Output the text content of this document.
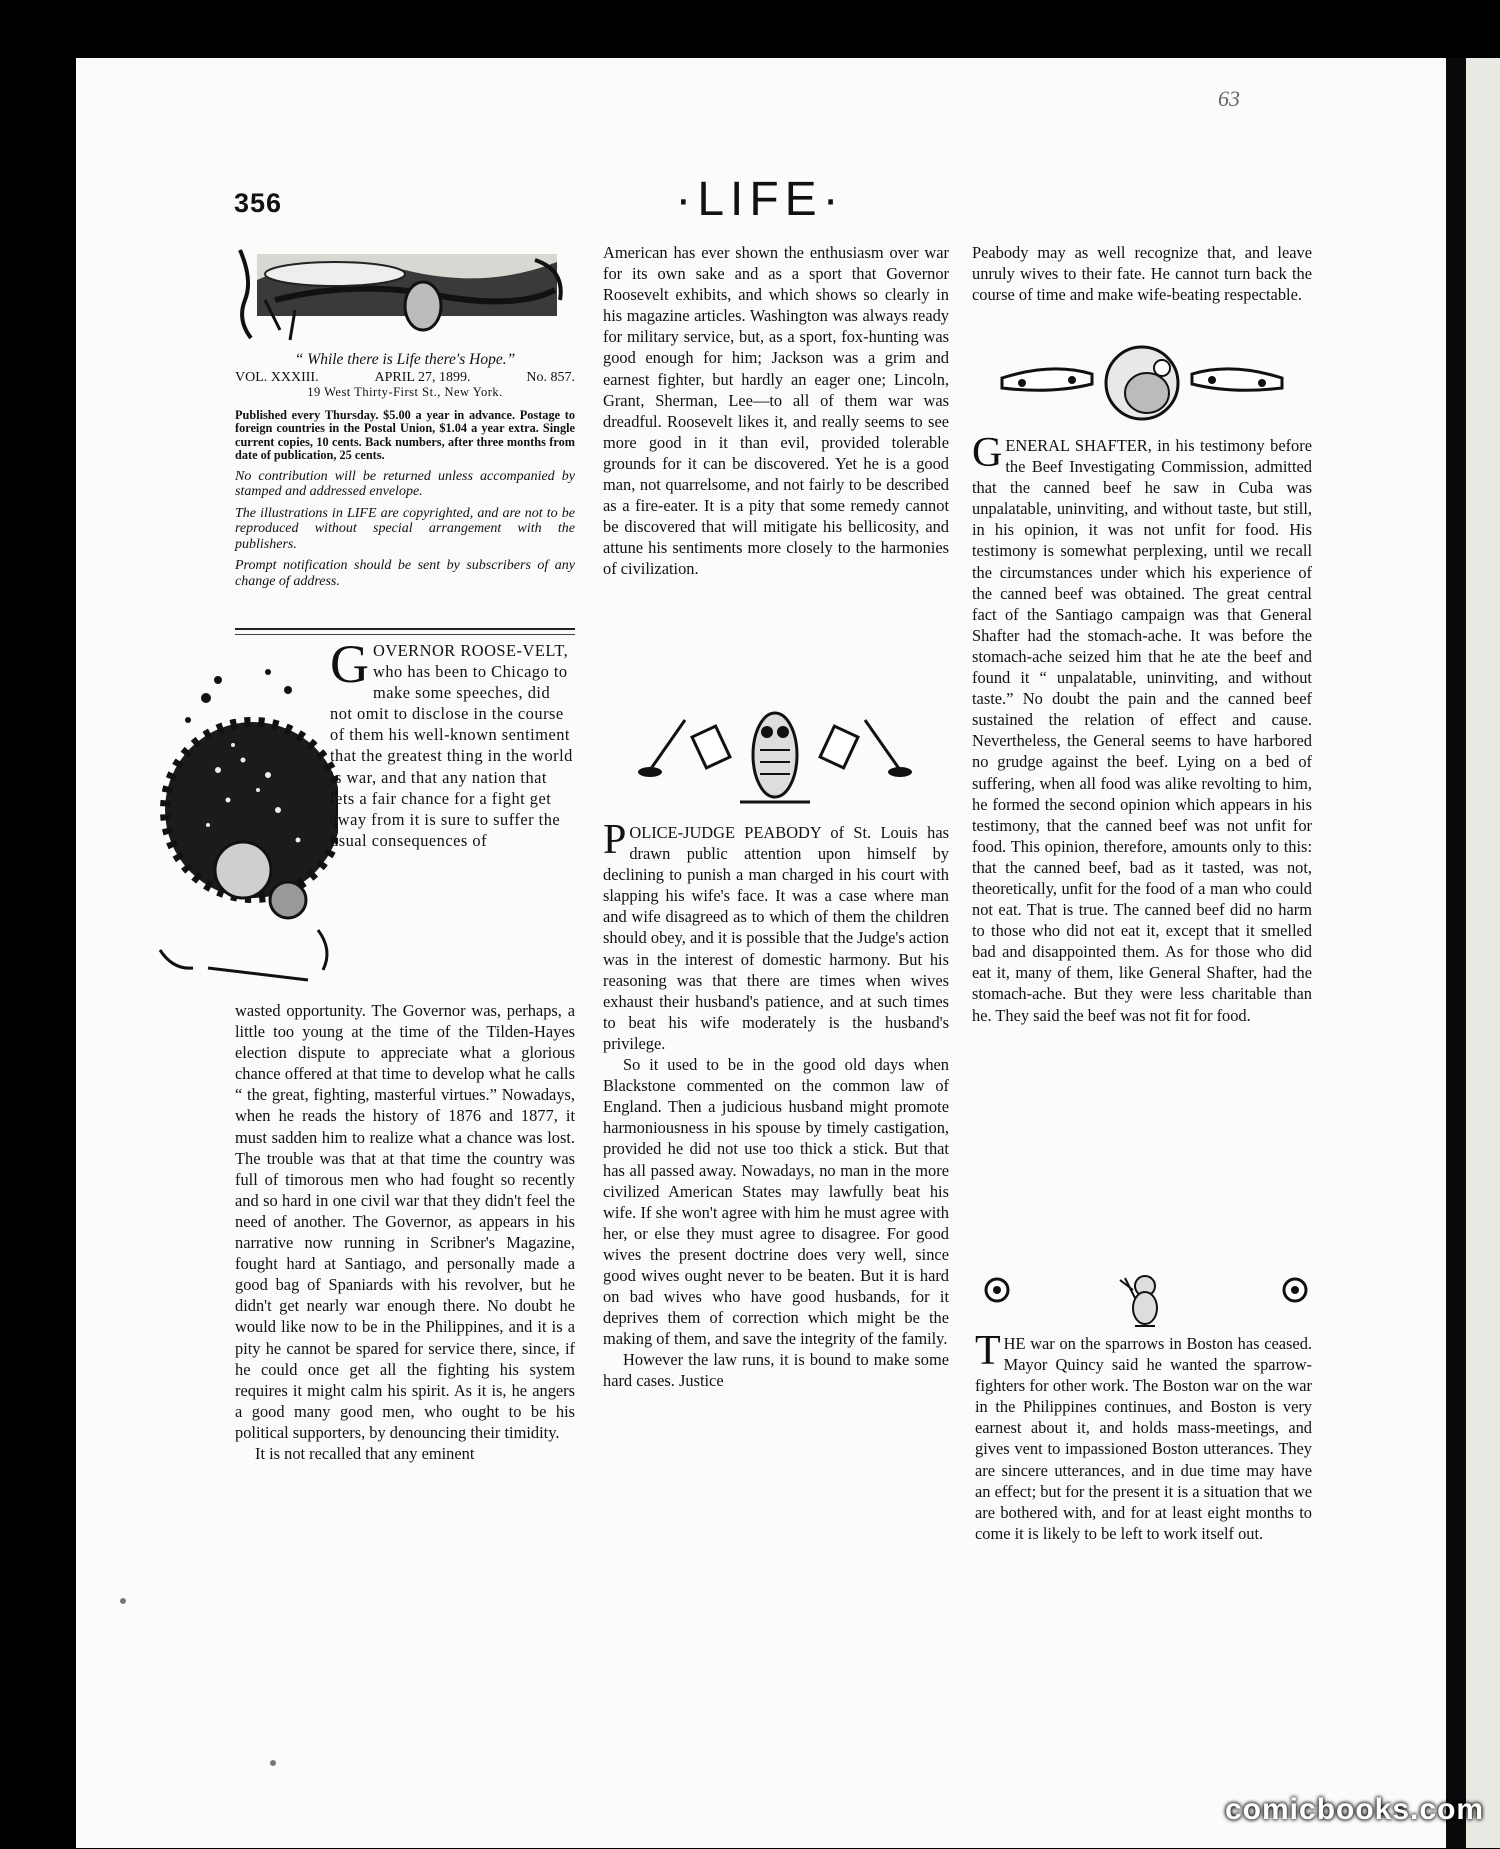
63
356	·LIFE·
“ While there is Life there's Hope.”
VOL. XXXIII.	APRIL 27, 1899.	No. 857.
19 West Thirty-First St., New York.
Published every Thursday. $5.00 a year in advance. Postage to foreign countries in the Postal Union, $1.04 a year extra. Single current copies, 10 cents. Back numbers, after three months from date of publication, 25 cents.
No contribution will be returned unless accompanied by stamped and addressed envelope.
The illustrations in LIFE are copyrighted, and are not to be reproduced without special arrangement with the publishers.
Prompt notification should be sent by subscribers of any change of address.

GOVERNOR ROOSE-VELT, who has been to Chicago to make some speeches, did not omit to disclose in the course of them his well-known sentiment that the greatest thing in the world is war, and that any nation that lets a fair chance for a fight get away from it is sure to suffer the usual consequences of

wasted opportunity. The Governor was, perhaps, a little too young at the time of the Tilden-Hayes election dispute to appreciate what a glorious chance offered at that time to develop what he calls “ the great, fighting, masterful virtues.” Nowadays, when he reads the history of 1876 and 1877, it must sadden him to realize what a chance was lost. The trouble was that at that time the country was full of timorous men who had fought so recently and so hard in one civil war that they didn't feel the need of another. The Governor, as appears in his narrative now running in Scribner's Magazine, fought hard at Santiago, and personally made a good bag of Spaniards with his revolver, but he didn't get nearly war enough there. No doubt he would like now to be in the Philippines, and it is a pity he cannot be spared for service there, since, if he could once get all the fighting his system requires it might calm his spirit. As it is, he angers a good many good men, who ought to be his political supporters, by denouncing their timidity.

It is not recalled that any eminent

American has ever shown the enthusiasm over war for its own sake and as a sport that Governor Roosevelt exhibits, and which shows so clearly in his magazine articles. Washington was always ready for military service, but, as a sport, fox-hunting was good enough for him; Jackson was a grim and earnest fighter, but hardly an eager one; Lincoln, Grant, Sherman, Lee—to all of them war was dreadful. Roosevelt likes it, and really seems to see more good in it than evil, provided tolerable grounds for it can be discovered. Yet he is a good man, not quarrelsome, and not fairly to be described as a fire-eater. It is a pity that some remedy cannot be discovered that will mitigate his bellicosity, and attune his sentiments more closely to the harmonies of civilization.

POLICE-JUDGE PEABODY of St. Louis has drawn public attention upon himself by declining to punish a man charged in his court with slapping his wife's face. It was a case where man and wife disagreed as to which of them the children should obey, and it is possible that the Judge's action was in the interest of domestic harmony. But his reasoning was that there are times when wives exhaust their husband's patience, and at such times to beat his wife moderately is the husband's privilege.

So it used to be in the good old days when Blackstone commented on the common law of England. Then a judicious husband might promote harmoniousness in his spouse by timely castigation, provided he did not use too thick a stick. But that has all passed away. Nowadays, no man in the more civilized American States may lawfully beat his wife. If she won't agree with him he must agree with her, or else they must agree to disagree. For good wives the present doctrine does very well, since good wives ought never to be beaten. But it is hard on bad wives who have good husbands, for it deprives them of correction which might be the making of them, and save the integrity of the family.

However the law runs, it is bound to make some hard cases. Justice

Peabody may as well recognize that, and leave unruly wives to their fate. He cannot turn back the course of time and make wife-beating respectable.

GENERAL SHAFTER, in his testimony before the Beef Investigating Commission, admitted that the canned beef he saw in Cuba was unpalatable, uninviting, and without taste, but still, in his opinion, it was not unfit for food. His testimony is somewhat perplexing, until we recall the circumstances under which his experience of the canned beef was obtained. The great central fact of the Santiago campaign was that General Shafter had the stomach-ache. It was before the stomach-ache seized him that he ate the beef and found it “ unpalatable, uninviting, and without taste.” No doubt the pain and the canned beef sustained the relation of effect and cause. Nevertheless, the General seems to have harbored no grudge against the beef. Lying on a bed of suffering, when all food was alike revolting to him, he formed the second opinion which appears in his testimony, that the canned beef was not unfit for food. This opinion, therefore, amounts only to this: that the canned beef, bad as it tasted, was not, theoretically, unfit for the food of a man who could not eat. That is true. The canned beef did no harm to those who did not eat it, except that it smelled bad and disappointed them. As for those who did eat it, many of them, like General Shafter, had the stomach-ache. But they were less charitable than he. They said the beef was not fit for food.

THE war on the sparrows in Boston has ceased. Mayor Quincy said he wanted the sparrow-fighters for other work. The Boston war on the war in the Philippines continues, and Boston is very earnest about it, and holds mass-meetings, and gives vent to impassioned Boston utterances. They are sincere utterances, and in due time may have an effect; but for the present it is a situation that we are bothered with, and for at least eight months to come it is likely to be left to work itself out.

comicbooks.com
